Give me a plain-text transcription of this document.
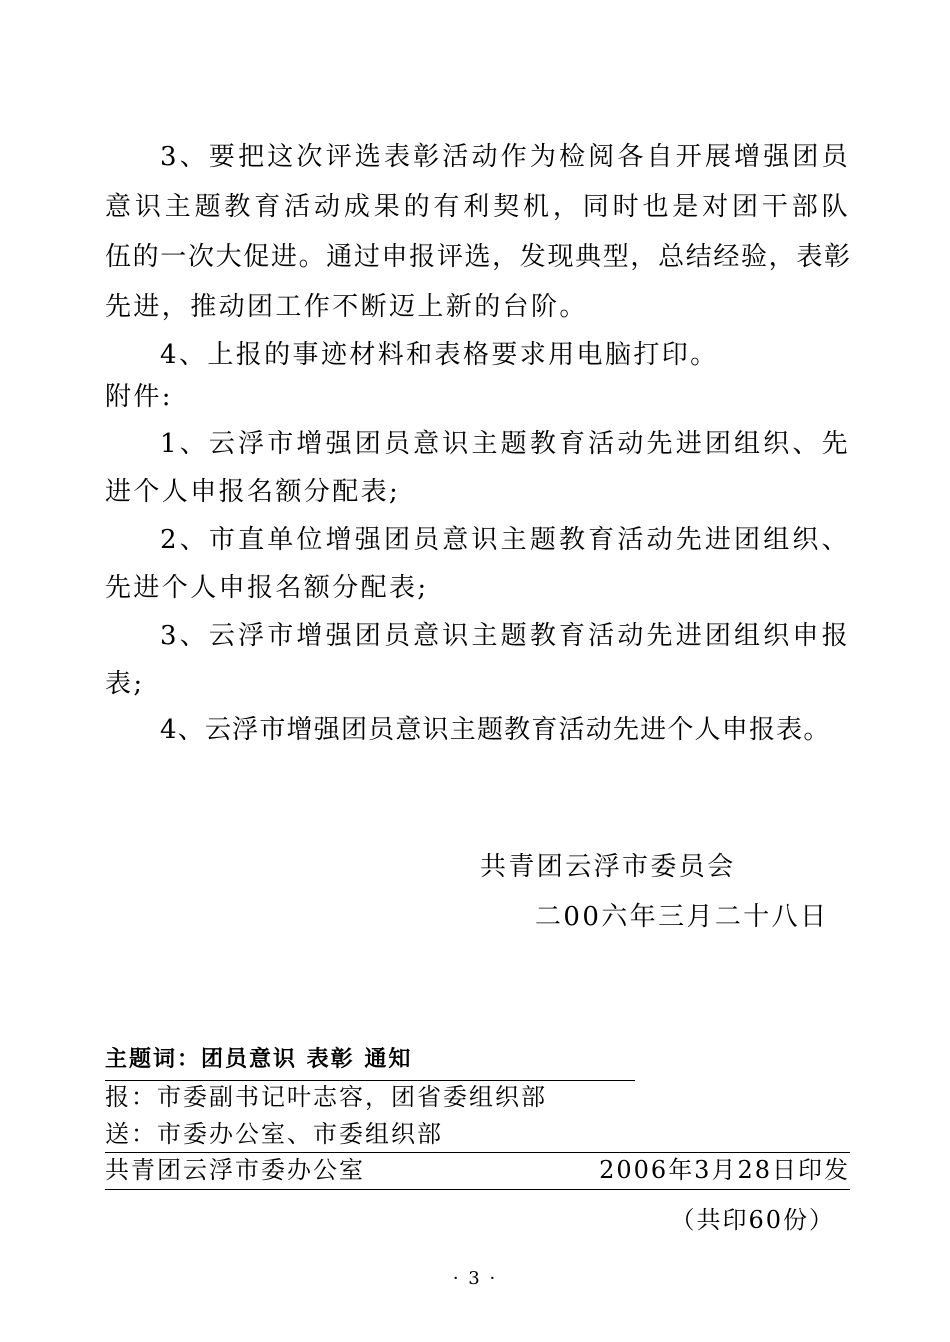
3、要把这次评选表彰活动作为检阅各自开展增强团员
意识主题教育活动成果的有利契机，同时也是对团干部队
伍的一次大促进。通过申报评选，发现典型，总结经验，表彰
先进，推动团工作不断迈上新的台阶。
4、上报的事迹材料和表格要求用电脑打印。
附件:
1、云浮市增强团员意识主题教育活动先进团组织、先
进个人申报名额分配表;
2、市直单位增强团员意识主题教育活动先进团组织、
先进个人申报名额分配表;
3、云浮市增强团员意识主题教育活动先进团组织申报
表;
4、云浮市增强团员意识主题教育活动先进个人申报表。
共青团云浮市委员会
二00六年三月二十八日
主题词：团员意识 表彰 通知
报：市委副书记叶志容，团省委组织部
送：市委办公室、市委组织部
共青团云浮市委办公室	2006年3月28日印发
（共印60份）
· 3 ·
